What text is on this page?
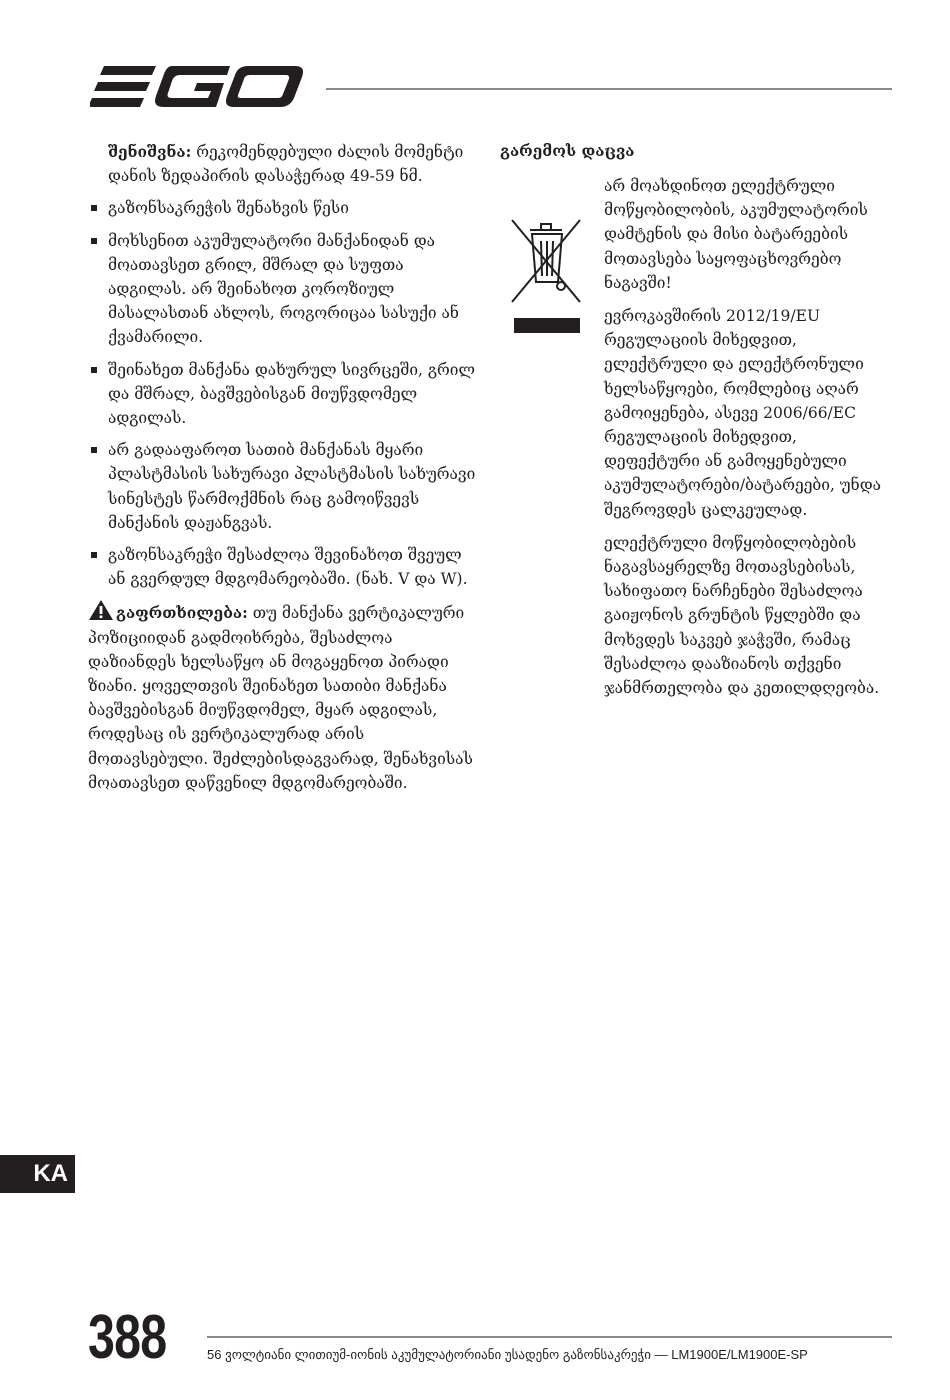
შენიშვნა: რეკომენდებული ძალის მომენტი დანის ზედაპირის დასაჭერად 49-59 ნმ.

გაზონსაკრეჭის შენახვის წესი
მოხსენით აკუმულატორი მანქანიდან და მოათავსეთ გრილ, მშრალ და სუფთა ადგილას. არ შეინახოთ კოროზიულ მასალასთან ახლოს, როგორიცაა სასუქი ან ქვამარილი.
შეინახეთ მანქანა დახურულ სივრცეში, გრილ და მშრალ, ბავშვებისგან მიუწვდომელ ადგილას.
არ გადააფაროთ სათიბ მანქანას მყარი პლასტმასის სახურავი პლასტმასის სახურავი სინესტეს წარმოქმნის რაც გამოიწვევს მანქანის დაჟანგვას.
გაზონსაკრეჭი შესაძლოა შევინახოთ შვეულ ან გვერდულ მდგომარეობაში. (ნახ. V და W).

გაფრთხილება: თუ მანქანა ვერტიკალური პოზიციიდან გადმოიხრება, შესაძლოა დაზიანდეს ხელსაწყო ან მოგაყენოთ პირადი ზიანი. ყოველთვის შეინახეთ სათიბი მანქანა ბავშვებისგან მიუწვდომელ, მყარ ადგილას, როდესაც ის ვერტიკალურად არის მოთავსებული. შეძლებისდაგვარად, შენახვისას მოათავსეთ დაწვენილ მდგომარეობაში.

გარემოს დაცვა

არ მოახდინოთ ელექტრული მოწყობილობის, აკუმულატორის დამტენის და მისი ბატარეების მოთავსება საყოფაცხოვრებო ნაგავში!

ევროკავშირის 2012/19/EU რეგულაციის მიხედვით, ელექტრული და ელექტრონული ხელსაწყოები, რომლებიც აღარ გამოიყენება, ასევე 2006/66/EC რეგულაციის მიხედვით, დეფექტური ან გამოყენებული აკუმულატორები/ბატარეები, უნდა შეგროვდეს ცალკეულად.

ელექტრული მოწყობილობების ნაგავსაყრელზე მოთავსებისას, სახიფათო ნარჩენები შესაძლოა გაიჟონოს გრუნტის წყლებში და მოხვდეს საკვებ ჯაჭვში, რამაც შესაძლოა დააზიანოს თქვენი ჯანმრთელობა და კეთილდღეობა.

KA
388	56 ვოლტიანი ლითიუმ-იონის აკუმულატორიანი უსადენო გაზონსაკრეჭი — LM1900E/LM1900E-SP
